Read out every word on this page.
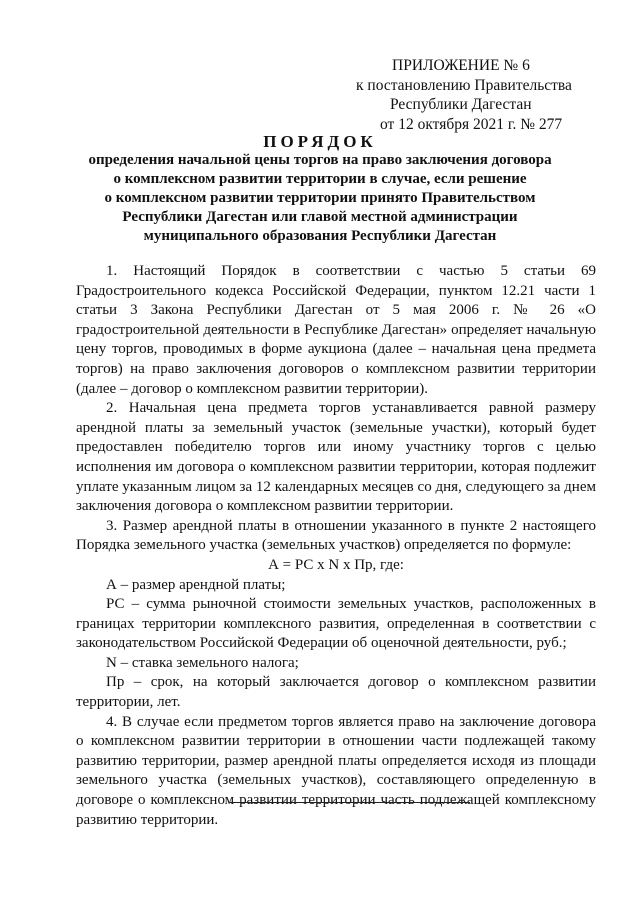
ПРИЛОЖЕНИЕ № 6
к постановлению Правительства
Республики Дагестан
от 12 октября 2021 г. № 277
ПОРЯДОК
определения начальной цены торгов на право заключения договора
о комплексном развитии территории в случае, если решение
о комплексном развитии территории принято Правительством
Республики Дагестан или главой местной администрации
муниципального образования Республики Дагестан

1. Настоящий Порядок в соответствии с частью 5 статьи 69 Градостроительного кодекса Российской Федерации, пунктом 12.21 части 1 статьи 3 Закона Республики Дагестан от 5 мая 2006 г. № 26 «О градостроительной деятельности в Республике Дагестан» определяет начальную цену торгов, проводимых в форме аукциона (далее – начальная цена предмета торгов) на право заключения договоров о комплексном развитии территории (далее – договор о комплексном развитии территории).

2. Начальная цена предмета торгов устанавливается равной размеру арендной платы за земельный участок (земельные участки), который будет предоставлен победителю торгов или иному участнику торгов с целью исполнения им договора о комплексном развитии территории, которая подлежит уплате указанным лицом за 12 календарных месяцев со дня, следующего за днем заключения договора о комплексном развитии территории.

3. Размер арендной платы в отношении указанного в пункте 2 настоящего Порядка земельного участка (земельных участков) определяется по формуле:

А = РС x N x Пр, где:

А – размер арендной платы;

РС – сумма рыночной стоимости земельных участков, расположенных в границах территории комплексного развития, определенная в соответствии с законодательством Российской Федерации об оценочной деятельности, руб.;

N – ставка земельного налога;

Пр – срок, на который заключается договор о комплексном развитии территории, лет.

4. В случае если предметом торгов является право на заключение договора о комплексном развитии территории в отношении части подлежащей такому развитию территории, размер арендной платы определяется исходя из площади земельного участка (земельных участков), составляющего определенную в договоре о комплексном развитии территории часть подлежащей комплексному развитию территории.
